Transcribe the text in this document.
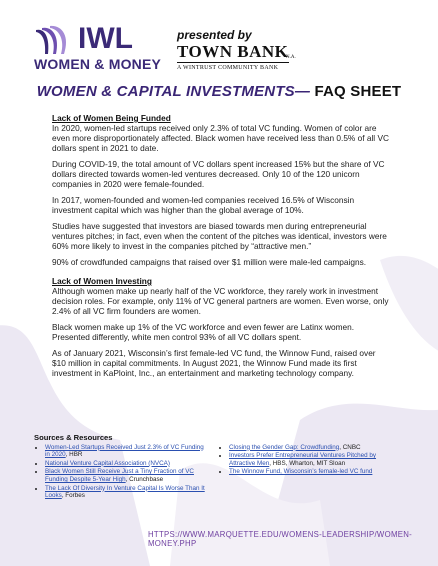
IWL
WOMEN & MONEY
presented by
TOWN BANK
N.A.
A WINTRUST COMMUNITY BANK
WOMEN & CAPITAL INVESTMENTS— FAQ SHEET
Lack of Women Being Funded

In 2020, women-led startups received only 2.3% of total VC funding. Women of color are even more disproportionately affected. Black women have received less than 0.5% of all VC dollars spent in 2021 to date.

During COVID-19, the total amount of VC dollars spent increased 15% but the share of VC dollars directed towards women-led ventures decreased. Only 10 of the 120 unicorn companies in 2020 were female-founded.

In 2017, women-founded and women-led companies received 16.5% of Wisconsin investment capital which was higher than the global average of 10%.

Studies have suggested that investors are biased towards men during entrepreneurial ventures pitches; in fact, even when the content of the pitches was identical, investors were 60% more likely to invest in the companies pitched by “attractive men.”

90% of crowdfunded campaigns that raised over $1 million were male-led campaigns.

Lack of Women Investing

Although women make up nearly half of the VC workforce, they rarely work in investment decision roles. For example, only 11% of VC general partners are women. Even worse, only 2.4% of all VC firm founders are women.

Black women make up 1% of the VC workforce and even fewer are Latinx women. Presented differently, white men control 93% of all VC dollars spent.

As of January 2021, Wisconsin’s first female-led VC fund, the Winnow Fund, raised over $10 million in capital commitments. In August 2021, the Winnow Fund made its first investment in KaPloint, Inc., an entertainment and marketing technology company.

Sources & Resources
• Women-Led Startups Received Just 2.3% of VC Funding in 2020, HBR
• National Venture Capital Association (NVCA)
• Black Women Still Receive Just a Tiny Fraction of VC Funding Despite 5-Year High, Crunchbase
• The Lack Of Diversity In Venture Capital Is Worse Than It Looks, Forbes
• Closing the Gender Gap: Crowdfunding, CNBC
• Investors Prefer Entrepreneurial Ventures Pitched by Attractive Men, HBS, Wharton, MIT Sloan
• The Winnow Fund, Wisconsin’s female-led VC fund
HTTPS://WWW.MARQUETTE.EDU/WOMENS-LEADERSHIP/WOMEN-MONEY.PHP
